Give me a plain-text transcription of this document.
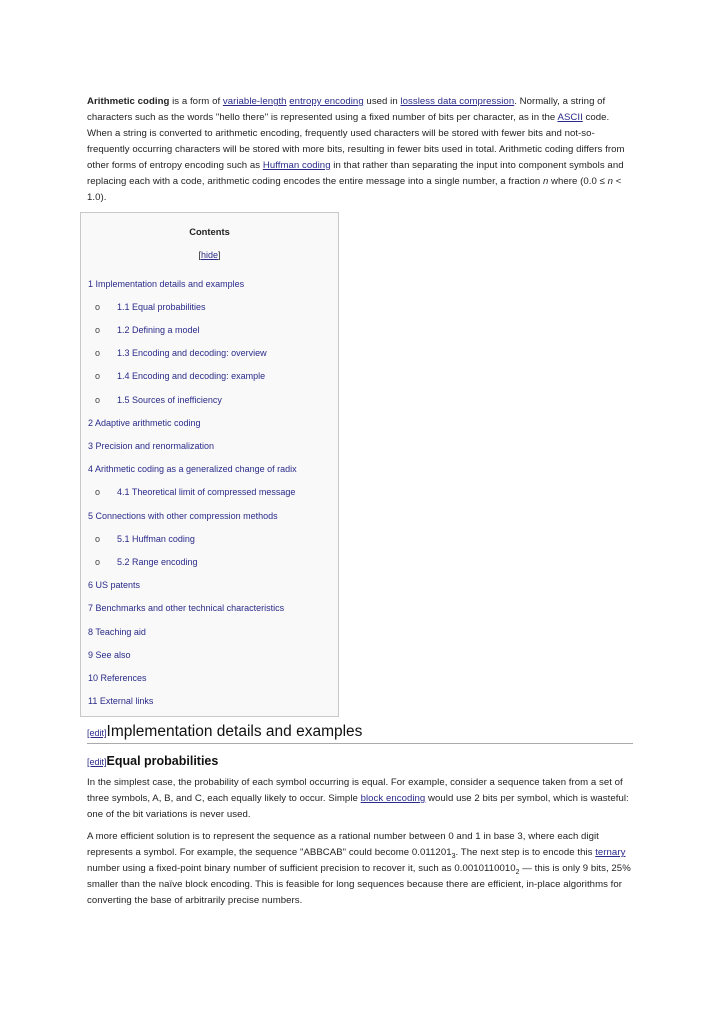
Arithmetic coding is a form of variable-length entropy encoding used in lossless data compression. Normally, a string of characters such as the words "hello there" is represented using a fixed number of bits per character, as in the ASCII code. When a string is converted to arithmetic encoding, frequently used characters will be stored with fewer bits and not-so-frequently occurring characters will be stored with more bits, resulting in fewer bits used in total. Arithmetic coding differs from other forms of entropy encoding such as Huffman coding in that rather than separating the input into component symbols and replacing each with a code, arithmetic coding encodes the entire message into a single number, a fraction n where (0.0 ≤ n < 1.0).

Contents
[hide]
1 Implementation details and examples
o 1.1 Equal probabilities
o 1.2 Defining a model
o 1.3 Encoding and decoding: overview
o 1.4 Encoding and decoding: example
o 1.5 Sources of inefficiency
2 Adaptive arithmetic coding
3 Precision and renormalization
4 Arithmetic coding as a generalized change of radix
o 4.1 Theoretical limit of compressed message
5 Connections with other compression methods
o 5.1 Huffman coding
o 5.2 Range encoding
6 US patents
7 Benchmarks and other technical characteristics
8 Teaching aid
9 See also
10 References
11 External links
[edit]Implementation details and examples
[edit]Equal probabilities

In the simplest case, the probability of each symbol occurring is equal. For example, consider a sequence taken from a set of three symbols, A, B, and C, each equally likely to occur. Simple block encoding would use 2 bits per symbol, which is wasteful: one of the bit variations is never used.

A more efficient solution is to represent the sequence as a rational number between 0 and 1 in base 3, where each digit represents a symbol. For example, the sequence "ABBCAB" could become $0.011201_3$. The next step is to encode this ternary number using a fixed-point binary number of sufficient precision to recover it, such as $0.0010110010_2$ — this is only 9 bits, 25% smaller than the naïve block encoding. This is feasible for long sequences because there are efficient, in-place algorithms for converting the base of arbitrarily precise numbers.
